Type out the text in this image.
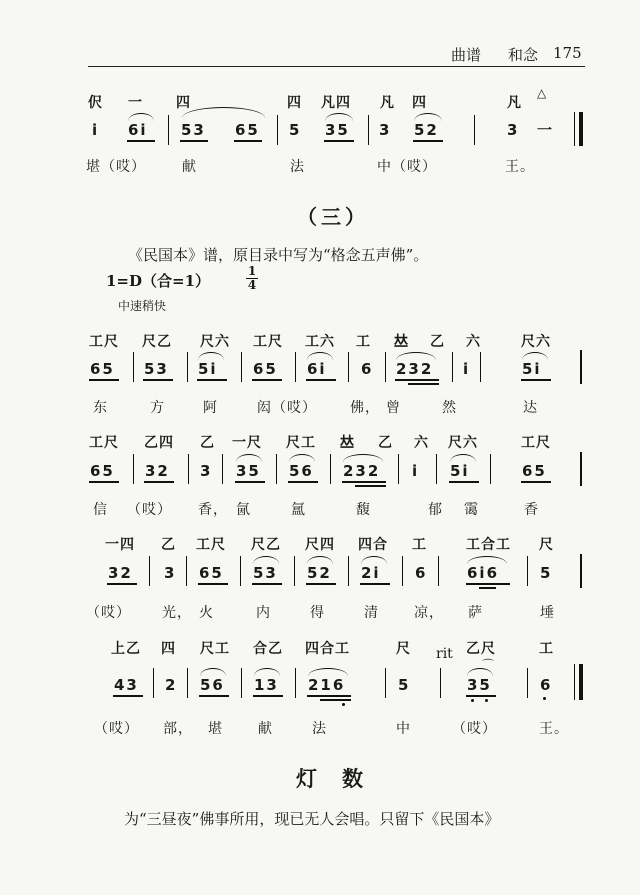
曲谱 和念 175
伬 一 四	四 凡四 凡 四	凡
△
i 6i 53 65 5 35 3 52	3 一
堪（哎）	献	法	中（哎）	王。
（三）
《民国本》谱，原目录中写为“格念五声佛”。
1=D（合=1）
1
4
中速稍快
工尺 尺乙 尺六 工尺 工六 工 𠀤 乙 六	尺六
65 53 5i 65 6i 6 232 i	5i
东	方	阿	闳（哎） 佛， 曾	然	达
工尺 乙四 乙 一尺 尺工 𠀤 乙 六 尺六	工尺
65 32 3 35 56 232 i 5i	65
信 （哎） 香， 氤	氲	馥	郁 霭	香
一四 乙 工尺 尺乙 尺四 四合 工	工合工 尺
32 3 65 53 52 2i 6	6i6	5
（哎） 光， 火	内	得	清	凉， 萨	埵
上乙 四 尺工 合乙 四合工	尺 rit 乙尺	工
43 2 56 13 216	5	35
⌒
6
（哎） 部， 堪	献	法	中	（哎）	王。
灯　数
为“三昼夜”佛事所用，现已无人会唱。只留下《民国本》
